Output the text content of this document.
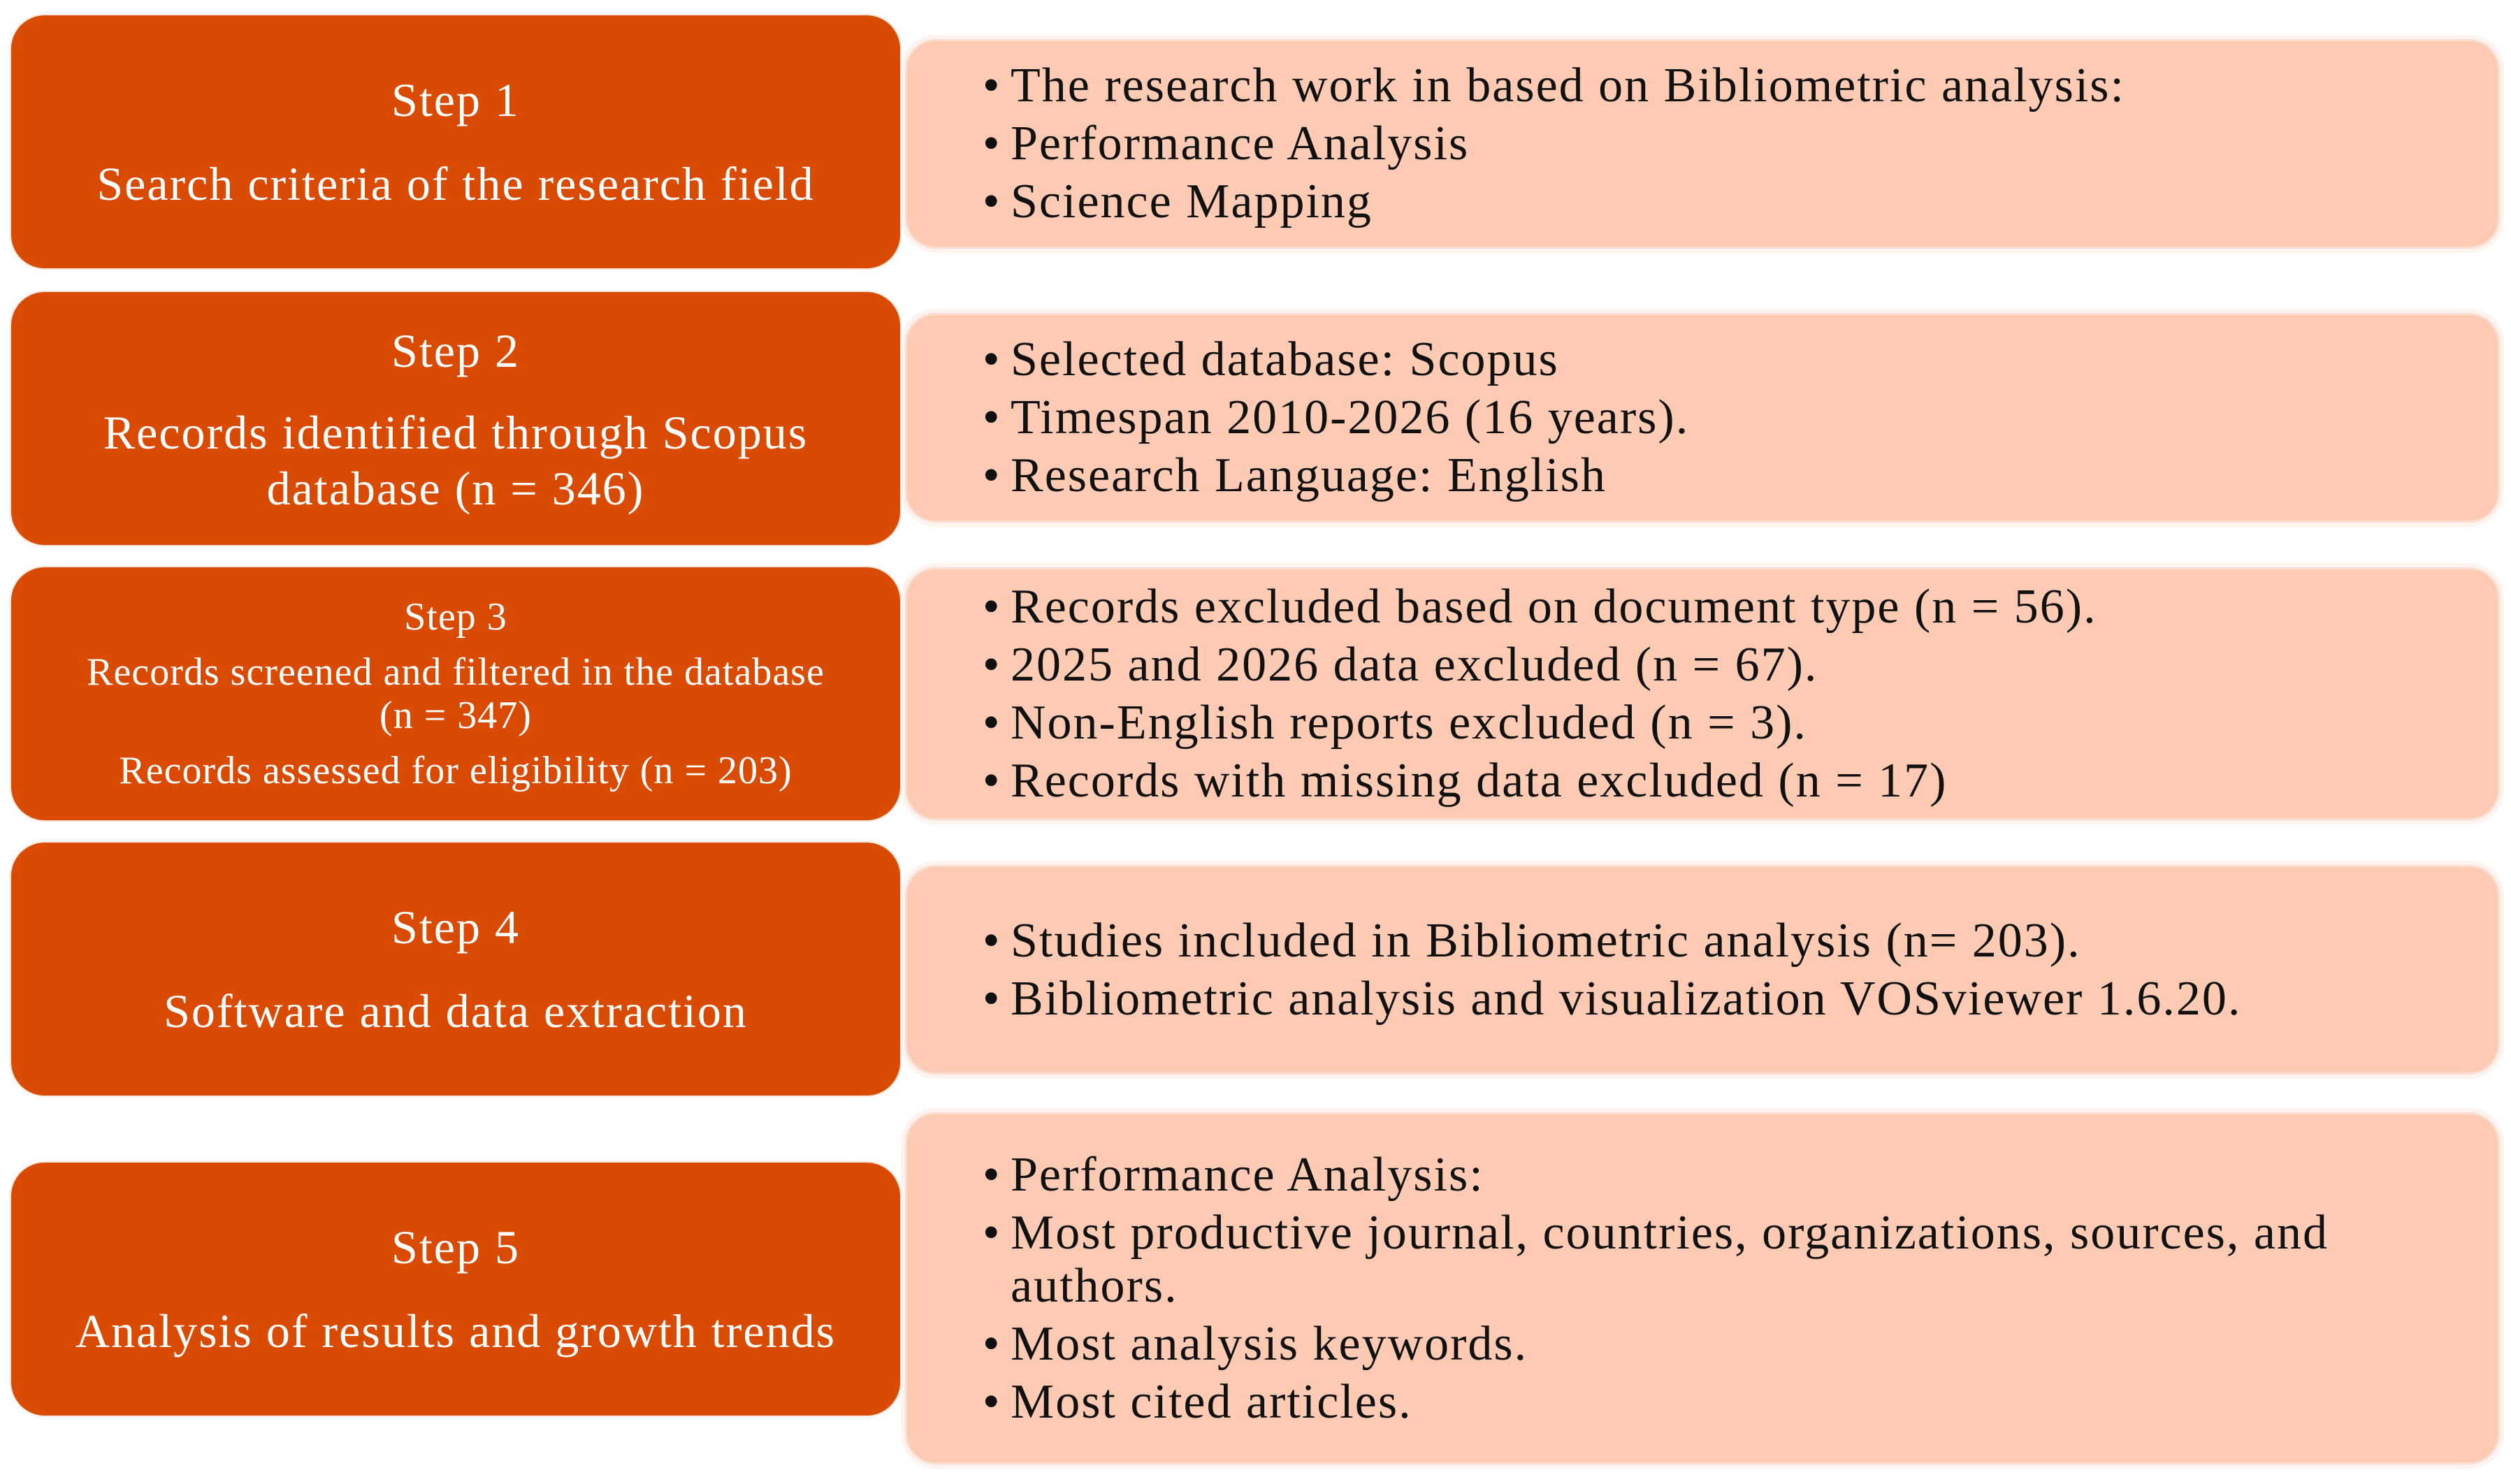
Step 1
Search criteria of the research field
• The research work in based on Bibliometric analysis:
• Performance Analysis
• Science Mapping
Step 2
Records identified through Scopus
database (n = 346)
• Selected database: Scopus
• Timespan 2010-2026 (16 years).
• Research Language: English
Step 3
Records screened and filtered in the database
(n = 347)
Records assessed for eligibility (n = 203)
• Records excluded based on document type (n = 56).
• 2025 and 2026 data excluded (n = 67).
• Non-English reports excluded (n = 3).
• Records with missing data excluded (n = 17)
Step 4
Software and data extraction
• Studies included in Bibliometric analysis (n= 203).
• Bibliometric analysis and visualization VOSviewer 1.6.20.
Step 5
Analysis of results and growth trends
• Performance Analysis:
• Most productive journal, countries, organizations, sources, and authors.
• Most analysis keywords.
• Most cited articles.
